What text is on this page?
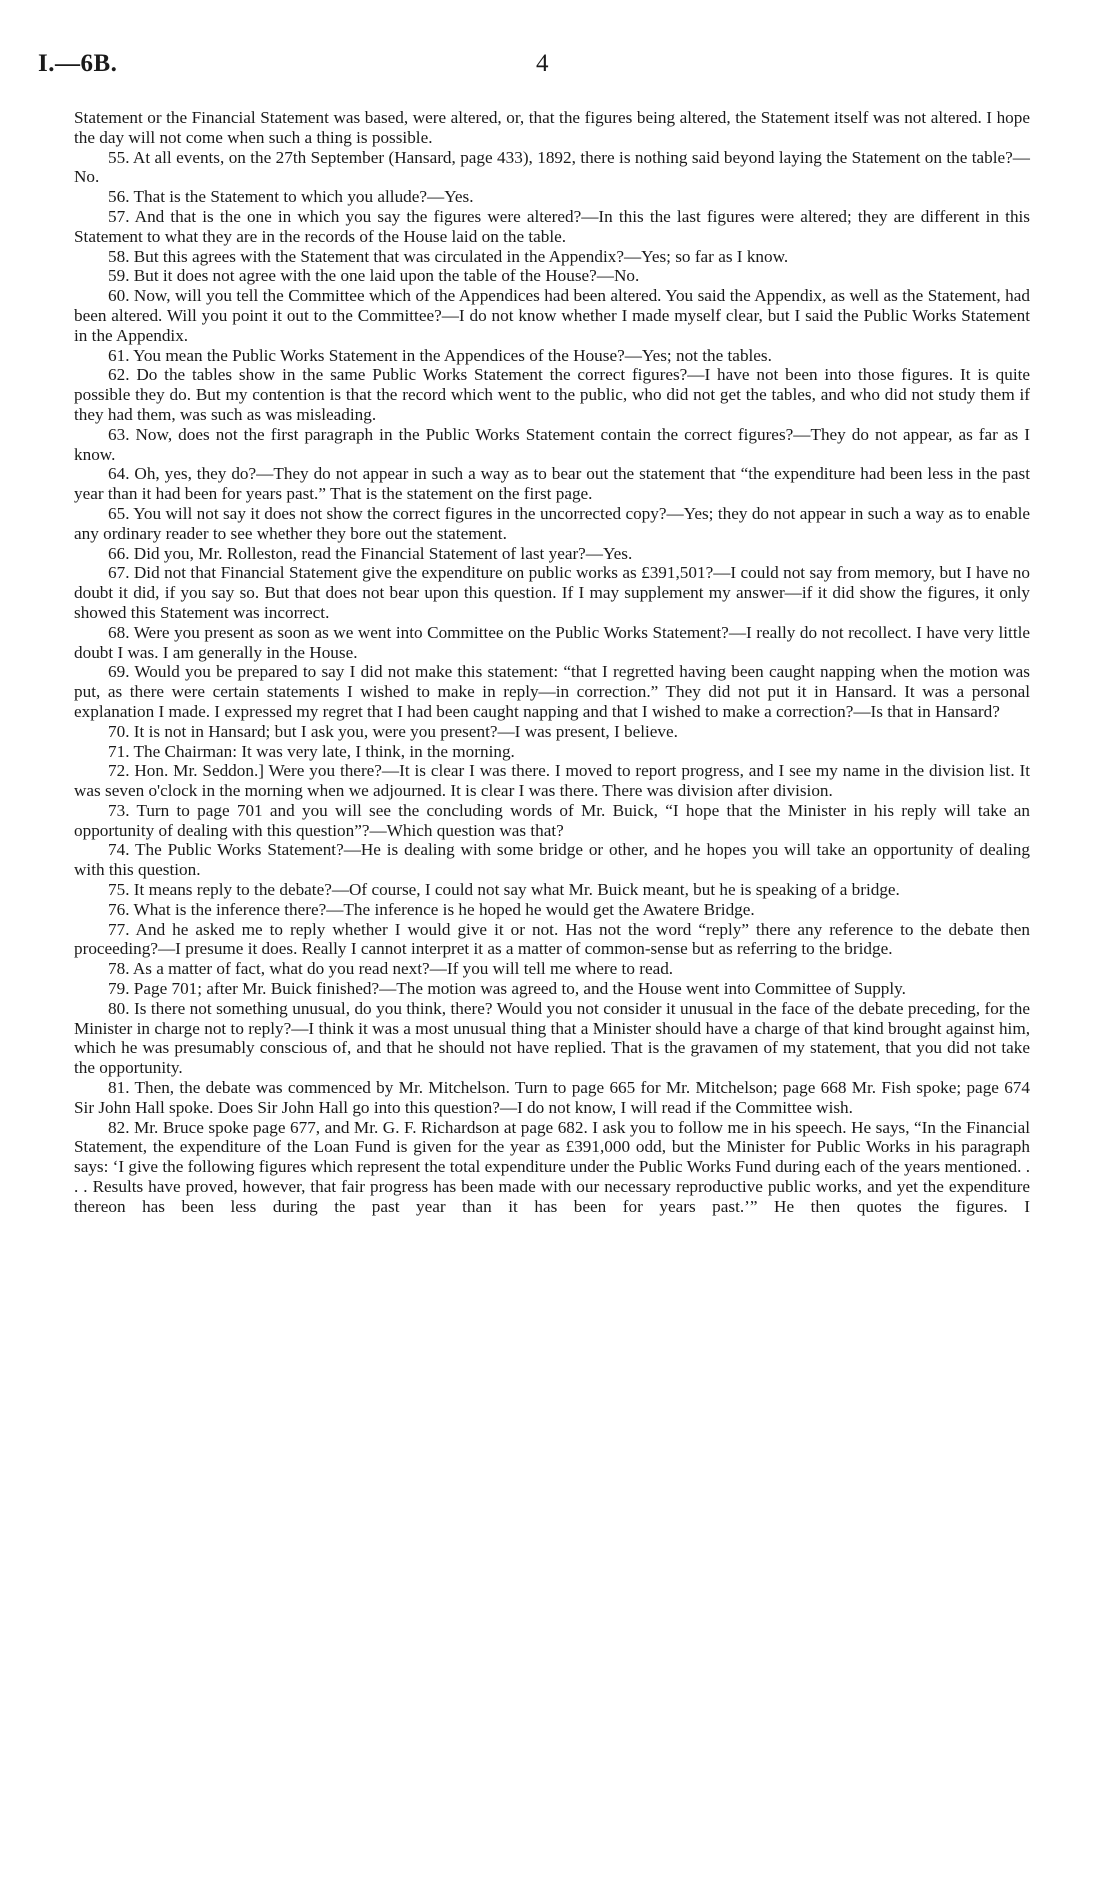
I.—6B.	4

Statement or the Financial Statement was based, were altered, or, that the figures being altered, the Statement itself was not altered. I hope the day will not come when such a thing is possible.

55. At all events, on the 27th September (Hansard, page 433), 1892, there is nothing said beyond laying the Statement on the table?—No.

56. That is the Statement to which you allude?—Yes.

57. And that is the one in which you say the figures were altered?—In this the last figures were altered; they are different in this Statement to what they are in the records of the House laid on the table.

58. But this agrees with the Statement that was circulated in the Appendix?—Yes; so far as I know.

59. But it does not agree with the one laid upon the table of the House?—No.

60. Now, will you tell the Committee which of the Appendices had been altered. You said the Appendix, as well as the Statement, had been altered. Will you point it out to the Committee?—I do not know whether I made myself clear, but I said the Public Works Statement in the Appendix.

61. You mean the Public Works Statement in the Appendices of the House?—Yes; not the tables.

62. Do the tables show in the same Public Works Statement the correct figures?—I have not been into those figures. It is quite possible they do. But my contention is that the record which went to the public, who did not get the tables, and who did not study them if they had them, was such as was misleading.

63. Now, does not the first paragraph in the Public Works Statement contain the correct figures?—They do not appear, as far as I know.

64. Oh, yes, they do?—They do not appear in such a way as to bear out the statement that “the expenditure had been less in the past year than it had been for years past.” That is the statement on the first page.

65. You will not say it does not show the correct figures in the uncorrected copy?—Yes; they do not appear in such a way as to enable any ordinary reader to see whether they bore out the statement.

66. Did you, Mr. Rolleston, read the Financial Statement of last year?—Yes.

67. Did not that Financial Statement give the expenditure on public works as £391,501?—I could not say from memory, but I have no doubt it did, if you say so. But that does not bear upon this question. If I may supplement my answer—if it did show the figures, it only showed this Statement was incorrect.

68. Were you present as soon as we went into Committee on the Public Works Statement?—I really do not recollect. I have very little doubt I was. I am generally in the House.

69. Would you be prepared to say I did not make this statement: “that I regretted having been caught napping when the motion was put, as there were certain statements I wished to make in reply—in correction.” They did not put it in Hansard. It was a personal explanation I made. I expressed my regret that I had been caught napping and that I wished to make a correction?—Is that in Hansard?

70. It is not in Hansard; but I ask you, were you present?—I was present, I believe.

71. The Chairman: It was very late, I think, in the morning.

72. Hon. Mr. Seddon.] Were you there?—It is clear I was there. I moved to report progress, and I see my name in the division list. It was seven o'clock in the morning when we adjourned. It is clear I was there. There was division after division.

73. Turn to page 701 and you will see the concluding words of Mr. Buick, “I hope that the Minister in his reply will take an opportunity of dealing with this question”?—Which question was that?

74. The Public Works Statement?—He is dealing with some bridge or other, and he hopes you will take an opportunity of dealing with this question.

75. It means reply to the debate?—Of course, I could not say what Mr. Buick meant, but he is speaking of a bridge.

76. What is the inference there?—The inference is he hoped he would get the Awatere Bridge.

77. And he asked me to reply whether I would give it or not. Has not the word “reply” there any reference to the debate then proceeding?—I presume it does. Really I cannot interpret it as a matter of common-sense but as referring to the bridge.

78. As a matter of fact, what do you read next?—If you will tell me where to read.

79. Page 701; after Mr. Buick finished?—The motion was agreed to, and the House went into Committee of Supply.

80. Is there not something unusual, do you think, there? Would you not consider it unusual in the face of the debate preceding, for the Minister in charge not to reply?—I think it was a most unusual thing that a Minister should have a charge of that kind brought against him, which he was presumably conscious of, and that he should not have replied. That is the gravamen of my statement, that you did not take the opportunity.

81. Then, the debate was commenced by Mr. Mitchelson. Turn to page 665 for Mr. Mitchelson; page 668 Mr. Fish spoke; page 674 Sir John Hall spoke. Does Sir John Hall go into this question?—I do not know, I will read if the Committee wish.

82. Mr. Bruce spoke page 677, and Mr. G. F. Richardson at page 682. I ask you to follow me in his speech. He says, “In the Financial Statement, the expenditure of the Loan Fund is given for the year as £391,000 odd, but the Minister for Public Works in his paragraph says: ‘I give the following figures which represent the total expenditure under the Public Works Fund during each of the years mentioned. . . . Results have proved, however, that fair progress has been made with our necessary reproductive public works, and yet the expenditure thereon has been less during the past year than it has been for years past.’” He then quotes the figures. I
